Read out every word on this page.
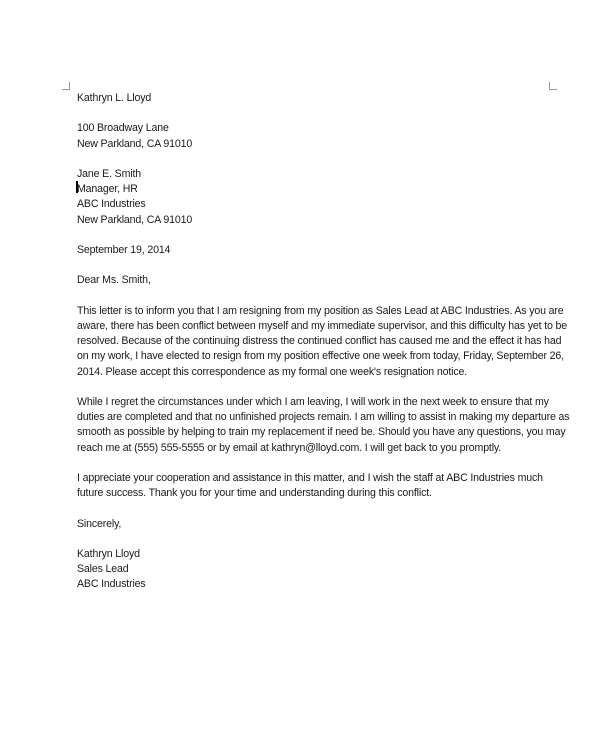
Kathryn L. Lloyd
100 Broadway Lane
New Parkland, CA 91010
Jane E. Smith
Manager, HR
ABC Industries
New Parkland, CA 91010
September 19, 2014
Dear Ms. Smith,
This letter is to inform you that I am resigning from my position as Sales Lead at ABC Industries. As you are
aware, there has been conflict between myself and my immediate supervisor, and this difficulty has yet to be
resolved. Because of the continuing distress the continued conflict has caused me and the effect it has had
on my work, I have elected to resign from my position effective one week from today, Friday, September 26,
2014. Please accept this correspondence as my formal one week's resignation notice.
While I regret the circumstances under which I am leaving, I will work in the next week to ensure that my
duties are completed and that no unfinished projects remain. I am willing to assist in making my departure as
smooth as possible by helping to train my replacement if need be. Should you have any questions, you may
reach me at (555) 555-5555 or by email at kathryn@lloyd.com. I will get back to you promptly.
I appreciate your cooperation and assistance in this matter, and I wish the staff at ABC Industries much
future success. Thank you for your time and understanding during this conflict.
Sincerely,
Kathryn Lloyd
Sales Lead
ABC Industries
